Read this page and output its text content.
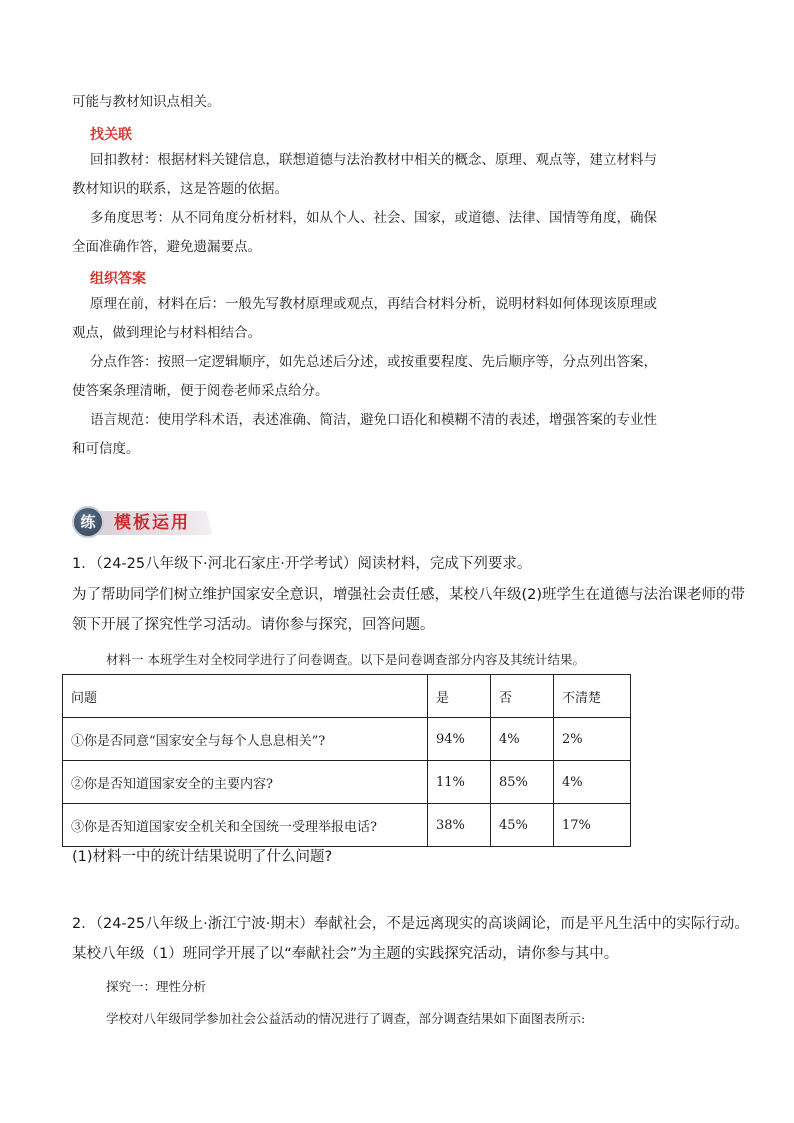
可能与教材知识点相关。
找关联
回扣教材：根据材料关键信息，联想道德与法治教材中相关的概念、原理、观点等，建立材料与
教材知识的联系，这是答题的依据。
多角度思考：从不同角度分析材料，如从个人、社会、国家，或道德、法律、国情等角度，确保
全面准确作答，避免遗漏要点。
组织答案
原理在前，材料在后：一般先写教材原理或观点，再结合材料分析，说明材料如何体现该原理或
观点，做到理论与材料相结合。
分点作答：按照一定逻辑顺序，如先总述后分述，或按重要程度、先后顺序等，分点列出答案，
使答案条理清晰，便于阅卷老师采点给分。
语言规范：使用学科术语，表述准确、简洁，避免口语化和模糊不清的表述，增强答案的专业性
和可信度。
练	模板运用
1．（24-25八年级下·河北石家庄·开学考试）阅读材料，完成下列要求。
为了帮助同学们树立维护国家安全意识，增强社会责任感，某校八年级(2)班学生在道德与法治课老师的带
领下开展了探究性学习活动。请你参与探究，回答问题。
材料一 本班学生对全校同学进行了问卷调查。以下是问卷调查部分内容及其统计结果。
问题	是	否	不清楚
①你是否同意“国家安全与每个人息息相关”?	94%	4%	2%
②你是否知道国家安全的主要内容?	11%	85%	4%
③你是否知道国家安全机关和全国统一受理举报电话?	38%	45%	17%
(1)材料一中的统计结果说明了什么问题?
2．（24-25八年级上·浙江宁波·期末）奉献社会，不是远离现实的高谈阔论，而是平凡生活中的实际行动。
某校八年级（1）班同学开展了以“奉献社会”为主题的实践探究活动，请你参与其中。
探究一：理性分析
学校对八年级同学参加社会公益活动的情况进行了调查，部分调查结果如下面图表所示:
